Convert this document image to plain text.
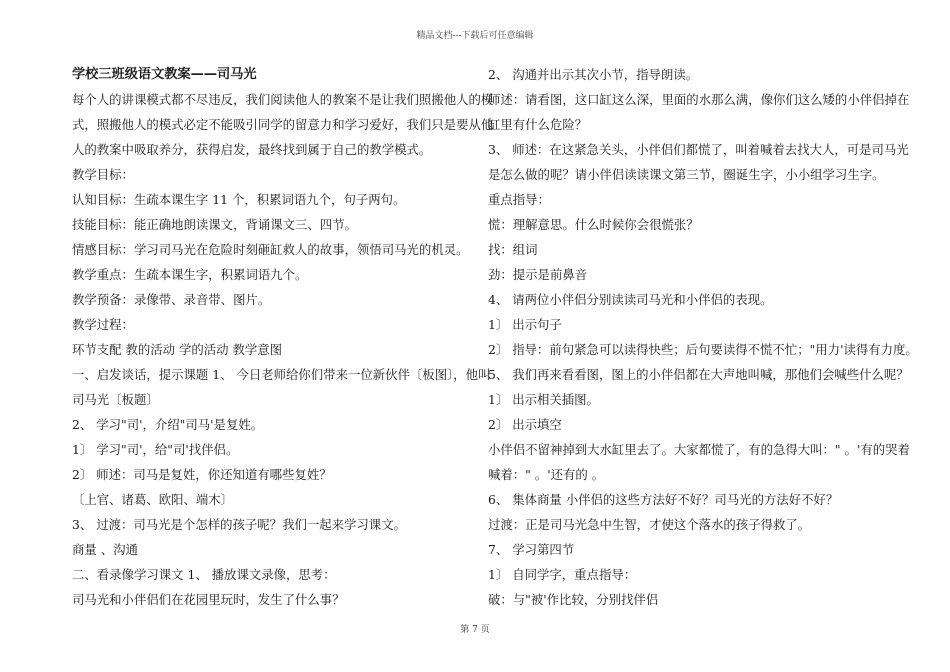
精品文档---下载后可任意编辑
学校三班级语文教案——司马光
每个人的讲课模式都不尽违反，我们阅读他人的教案不是让我们照搬他人的模
式，照搬他人的模式必定不能吸引同学的留意力和学习爱好，我们只是要从他
人的教案中吸取养分，获得启发，最终找到属于自己的教学模式。
教学目标：
认知目标：生疏本课生字 11 个，积累词语九个，句子两句。
技能目标：能正确地朗读课文，背诵课文三、四节。
情感目标：学习司马光在危险时刻砸缸救人的故事，领悟司马光的机灵。
教学重点：生疏本课生字，积累词语九个。
教学预备：录像带、录音带、图片。
教学过程：
环节支配 教的活动 学的活动 教学意图
一、启发谈话，提示课题 1、 今日老师给你们带来一位新伙伴〔板图〕，他叫
司马光〔板题〕
2、 学习"司'，介绍"司马'是复姓。
1〕 学习"司'，给"司'找伴侣。
2〕 师述：司马是复姓，你还知道有哪些复姓？
〔上官、诸葛、欧阳、端木〕
3、 过渡：司马光是个怎样的孩子呢？我们一起来学习课文。
商量 、沟通
二、看录像学习课文 1、 播放课文录像，思考：
司马光和小伴侣们在花园里玩时，发生了什么事？
2、 沟通并出示其次小节，指导朗读。
师述：请看图，这口缸这么深，里面的水那么满，像你们这么矮的小伴侣掉在
缸里有什么危险？
3、 师述：在这紧急关头，小伴侣们都慌了，叫着喊着去找大人，可是司马光
是怎么做的呢？请小伴侣读读课文第三节，圈诞生字，小小组学习生字。
重点指导：
慌：理解意思。什么时候你会很慌张？
找：组词
劲：提示是前鼻音
4、 请两位小伴侣分别读读司马光和小伴侣的表现。
1〕 出示句子
2〕 指导：前句紧急可以读得快些；后句要读得不慌不忙；"用力'读得有力度。
5、 我们再来看看图，图上的小伴侣都在大声地叫喊，那他们会喊些什么呢？
1〕 出示相关插图。
2〕 出示填空
小伴侣不留神掉到大水缸里去了。大家都慌了，有的急得大叫：" 。'有的哭着
喊着：" 。'还有的 。
6、 集体商量 小伴侣的这些方法好不好？司马光的方法好不好？
过渡：正是司马光急中生智，才使这个落水的孩子得救了。
7、 学习第四节
1〕 自同学字，重点指导：
破：与"被'作比较，分别找伴侣
第 7 页
